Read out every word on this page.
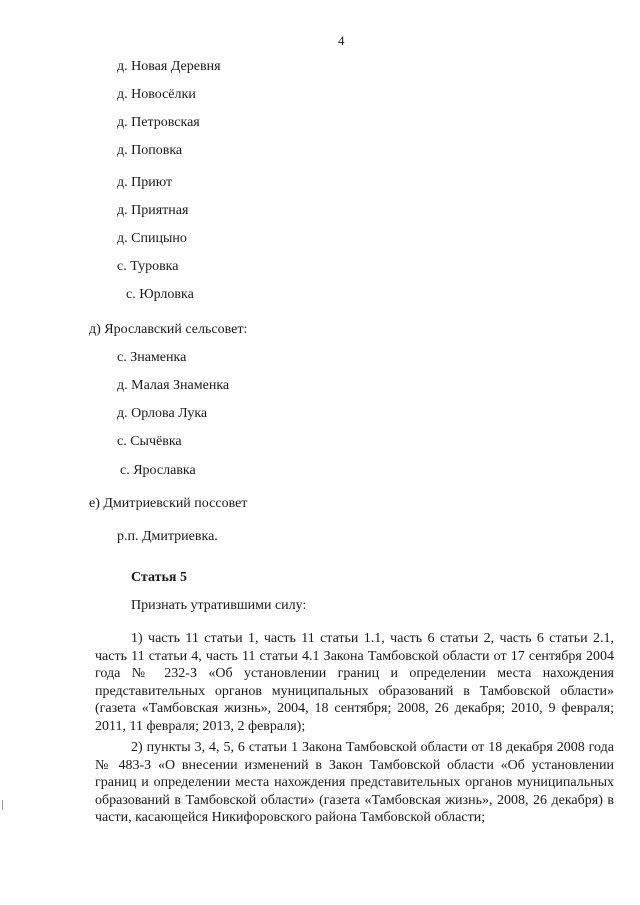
4
д. Новая Деревня
д. Новосёлки
д. Петровская
д. Поповка
д. Приют
д. Приятная
д. Спицыно
с. Туровка
с. Юрловка
д) Ярославский сельсовет:
с. Знаменка
д. Малая Знаменка
д. Орлова Лука
с. Сычёвка
с. Ярославка
е) Дмитриевский поссовет
р.п. Дмитриевка.
Статья 5
Признать утратившими силу:
1) часть 11 статьи 1, часть 11 статьи 1.1, часть 6 статьи 2, часть 6 статьи 2.1, часть 11 статьи 4, часть 11 статьи 4.1 Закона Тамбовской области от 17 сентября 2004 года № 232-З «Об установлении границ и определении места нахождения представительных органов муниципальных образований в Тамбовской области» (газета «Тамбовская жизнь», 2004, 18 сентября; 2008, 26 декабря; 2010, 9 февраля; 2011, 11 февраля; 2013, 2 февраля);
2) пункты 3, 4, 5, 6 статьи 1 Закона Тамбовской области от 18 декабря 2008 года № 483-З «О внесении изменений в Закон Тамбовской области «Об установлении границ и определении места нахождения представительных органов муниципальных образований в Тамбовской области» (газета «Тамбовская жизнь», 2008, 26 декабря) в части, касающейся Никифоровского района Тамбовской области;
